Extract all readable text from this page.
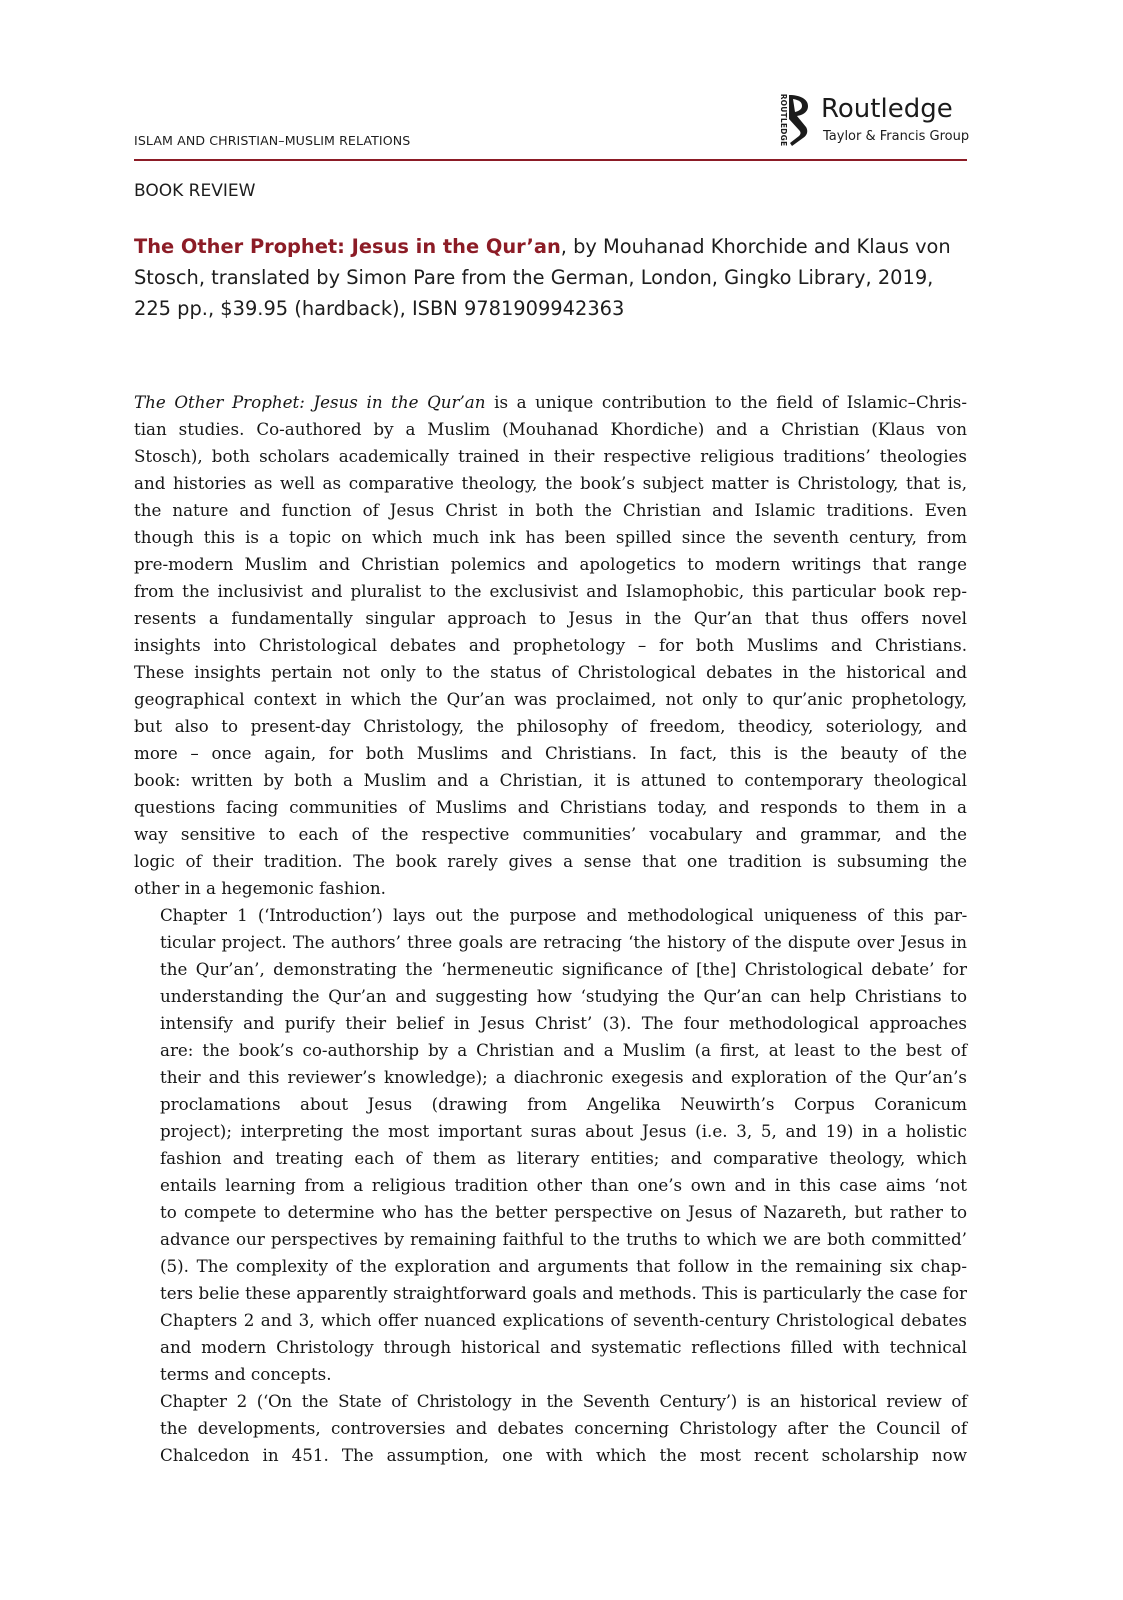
ISLAM AND CHRISTIAN–MUSLIM RELATIONS	ROUTLEDGE Routledge
Taylor & Francis Group
BOOK REVIEW
The Other Prophet: Jesus in the Qur’an, by Mouhanad Khorchide and Klaus von Stosch, translated by Simon Pare from the German, London, Gingko Library, 2019, 225 pp., $39.95 (hardback), ISBN 9781909942363
The Other Prophet: Jesus in the Qur’an is a unique contribution to the field of Islamic–Chris-
tian studies. Co-authored by a Muslim (Mouhanad Khordiche) and a Christian (Klaus von
Stosch), both scholars academically trained in their respective religious traditions’ theologies
and histories as well as comparative theology, the book’s subject matter is Christology, that is,
the nature and function of Jesus Christ in both the Christian and Islamic traditions. Even
though this is a topic on which much ink has been spilled since the seventh century, from
pre-modern Muslim and Christian polemics and apologetics to modern writings that range
from the inclusivist and pluralist to the exclusivist and Islamophobic, this particular book rep-
resents a fundamentally singular approach to Jesus in the Qur’an that thus offers novel
insights into Christological debates and prophetology – for both Muslims and Christians.
These insights pertain not only to the status of Christological debates in the historical and
geographical context in which the Qur’an was proclaimed, not only to qur’anic prophetology,
but also to present-day Christology, the philosophy of freedom, theodicy, soteriology, and
more – once again, for both Muslims and Christians. In fact, this is the beauty of the
book: written by both a Muslim and a Christian, it is attuned to contemporary theological
questions facing communities of Muslims and Christians today, and responds to them in a
way sensitive to each of the respective communities’ vocabulary and grammar, and the
logic of their tradition. The book rarely gives a sense that one tradition is subsuming the
other in a hegemonic fashion.
Chapter 1 (‘Introduction’) lays out the purpose and methodological uniqueness of this par-
ticular project. The authors’ three goals are retracing ‘the history of the dispute over Jesus in
the Qur’an’, demonstrating the ‘hermeneutic significance of [the] Christological debate’ for
understanding the Qur’an and suggesting how ‘studying the Qur’an can help Christians to
intensify and purify their belief in Jesus Christ’ (3). The four methodological approaches
are: the book’s co-authorship by a Christian and a Muslim (a first, at least to the best of
their and this reviewer’s knowledge); a diachronic exegesis and exploration of the Qur’an’s
proclamations about Jesus (drawing from Angelika Neuwirth’s Corpus Coranicum
project); interpreting the most important suras about Jesus (i.e. 3, 5, and 19) in a holistic
fashion and treating each of them as literary entities; and comparative theology, which
entails learning from a religious tradition other than one’s own and in this case aims ‘not
to compete to determine who has the better perspective on Jesus of Nazareth, but rather to
advance our perspectives by remaining faithful to the truths to which we are both committed’
(5). The complexity of the exploration and arguments that follow in the remaining six chap-
ters belie these apparently straightforward goals and methods. This is particularly the case for
Chapters 2 and 3, which offer nuanced explications of seventh-century Christological debates
and modern Christology through historical and systematic reflections filled with technical
terms and concepts.
Chapter 2 (‘On the State of Christology in the Seventh Century’) is an historical review of
the developments, controversies and debates concerning Christology after the Council of
Chalcedon in 451. The assumption, one with which the most recent scholarship now
